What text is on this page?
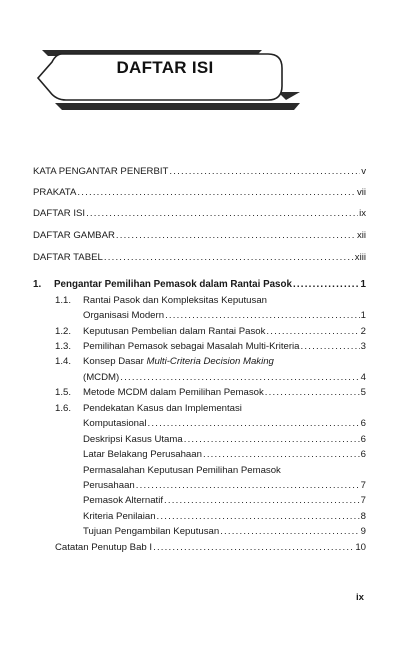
DAFTAR ISI
KATA PENGANTAR PENERBIT .....	v
PRAKATA .....	vii
DAFTAR ISI .....	ix
DAFTAR GAMBAR .....	xii
DAFTAR TABEL .....	xiii
1.	Pengantar Pemilihan Pemasok dalam Rantai Pasok .....	1
1.1. Rantai Pasok dan Kompleksitas Keputusan
Organisasi Modern .....	1
1.2.	Keputusan Pembelian dalam Rantai Pasok .....	2
1.3.	Pemilihan Pemasok sebagai Masalah Multi-Kriteria .....	3
1.4. Konsep Dasar Multi-Criteria Decision Making
(MCDM) .....	4
1.5.	Metode MCDM dalam Pemilihan Pemasok .....	5
1.6. Pendekatan Kasus dan Implementasi
Komputasional .....	6
Deskripsi Kasus Utama .....	6
Latar Belakang Perusahaan .....	6
Permasalahan Keputusan Pemilihan Pemasok
Perusahaan .....	7
Pemasok Alternatif .....	7
Kriteria Penilaian .....	8
Tujuan Pengambilan Keputusan .....	9
Catatan Penutup Bab I .....	10
ix
